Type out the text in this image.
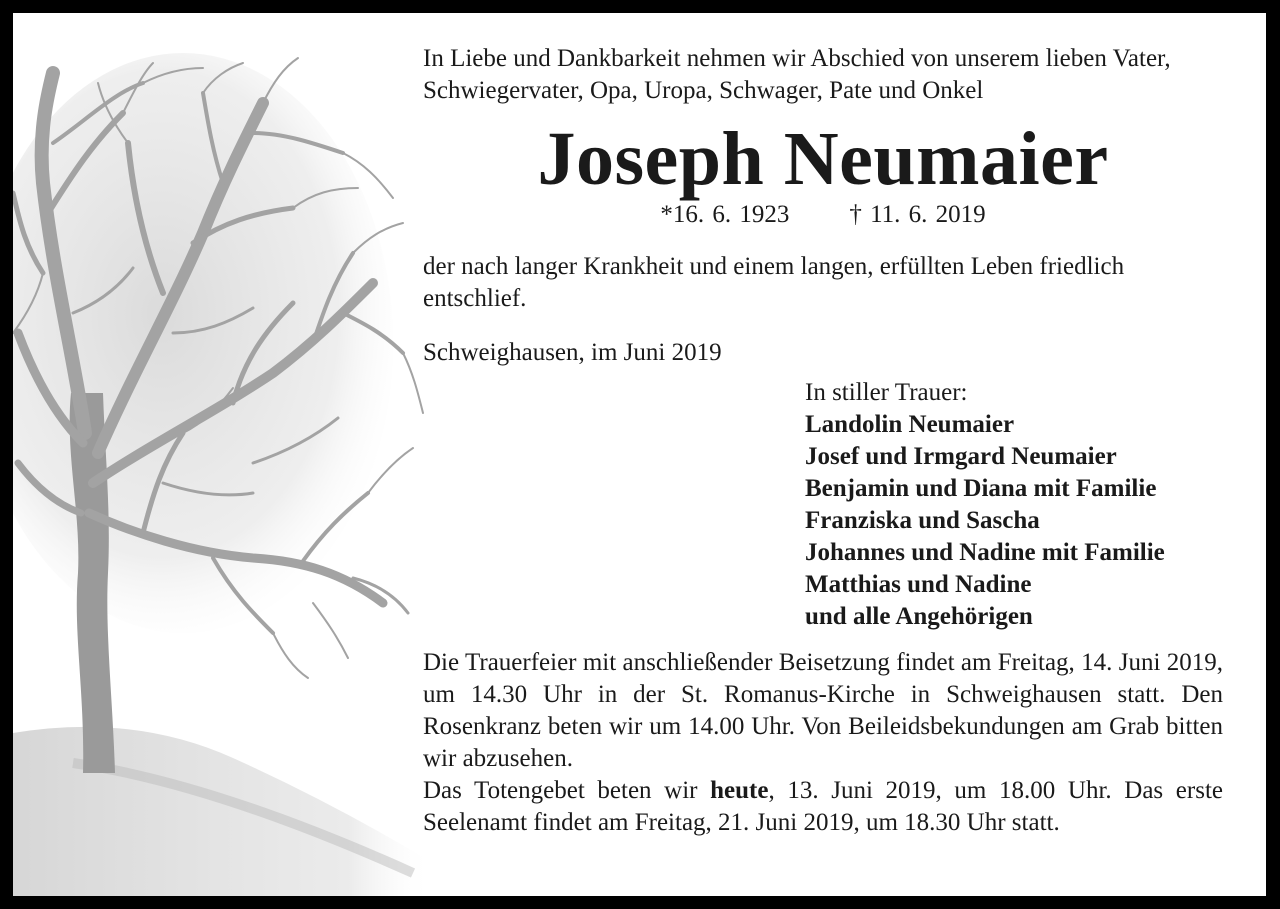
In Liebe und Dankbarkeit nehmen wir Abschied von unserem lieben Vater, Schwiegervater, Opa, Uropa, Schwager, Pate und Onkel

Joseph Neumaier

*16. 6. 1923 † 11. 6. 2019

der nach langer Krankheit und einem langen, erfüllten Leben friedlich entschlief.

Schweighausen, im Juni 2019

In stiller Trauer:
Landolin Neumaier
Josef und Irmgard Neumaier
Benjamin und Diana mit Familie
Franziska und Sascha
Johannes und Nadine mit Familie
Matthias und Nadine
und alle Angehörigen

Die Trauerfeier mit anschließender Beisetzung findet am Freitag, 14. Juni 2019, um 14.30 Uhr in der St. Romanus-Kirche in Schweighausen statt. Den Rosenkranz beten wir um 14.00 Uhr. Von Beileidsbekundungen am Grab bitten wir abzusehen.

Das Totengebet beten wir heute, 13. Juni 2019, um 18.00 Uhr. Das erste Seelenamt findet am Freitag, 21. Juni 2019, um 18.30 Uhr statt.
